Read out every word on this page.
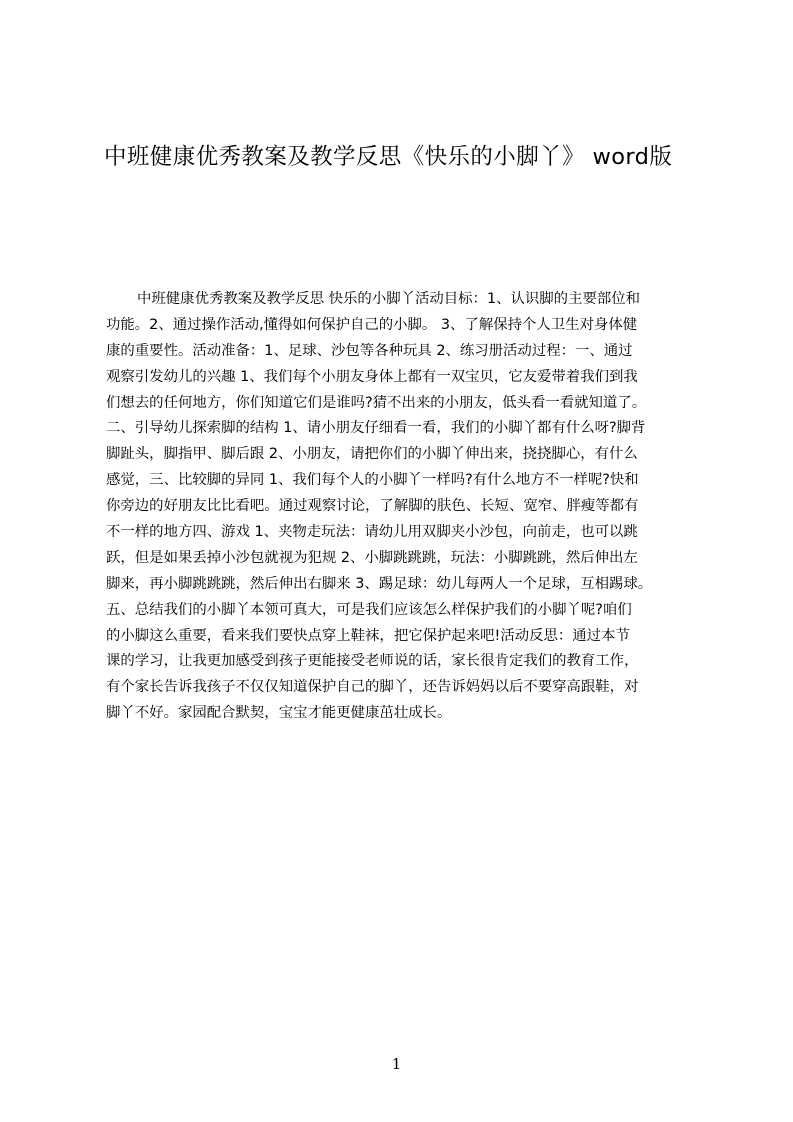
中班健康优秀教案及教学反思《快乐的小脚丫》 word版
中班健康优秀教案及教学反思 快乐的小脚丫活动目标：1、认识脚的主要部位和
功能。2、通过操作活动,懂得如何保护自己的小脚。 3、了解保持个人卫生对身体健
康的重要性。活动准备：1、足球、沙包等各种玩具 2、练习册活动过程：一、通过
观察引发幼儿的兴趣 1、我们每个小朋友身体上都有一双宝贝，它友爱带着我们到我
们想去的任何地方，你们知道它们是谁吗?猜不出来的小朋友，低头看一看就知道了。
二、引导幼儿探索脚的结构 1、请小朋友仔细看一看，我们的小脚丫都有什么呀?脚背
脚趾头，脚指甲、脚后跟 2、小朋友，请把你们的小脚丫伸出来，挠挠脚心，有什么
感觉，三、比较脚的异同 1、我们每个人的小脚丫一样吗?有什么地方不一样呢?快和
你旁边的好朋友比比看吧。通过观察讨论，了解脚的肤色、长短、宽窄、胖瘦等都有
不一样的地方四、游戏 1、夹物走玩法：请幼儿用双脚夹小沙包，向前走，也可以跳
跃，但是如果丢掉小沙包就视为犯规 2、小脚跳跳跳，玩法：小脚跳跳，然后伸出左
脚来，再小脚跳跳跳，然后伸出右脚来 3、踢足球：幼儿每两人一个足球，互相踢球。
五、总结我们的小脚丫本领可真大，可是我们应该怎么样保护我们的小脚丫呢?咱们
的小脚这么重要，看来我们要快点穿上鞋袜，把它保护起来吧!活动反思：通过本节
课的学习，让我更加感受到孩子更能接受老师说的话，家长很肯定我们的教育工作，
有个家长告诉我孩子不仅仅知道保护自己的脚丫，还告诉妈妈以后不要穿高跟鞋，对
脚丫不好。家园配合默契，宝宝才能更健康茁壮成长。
1
